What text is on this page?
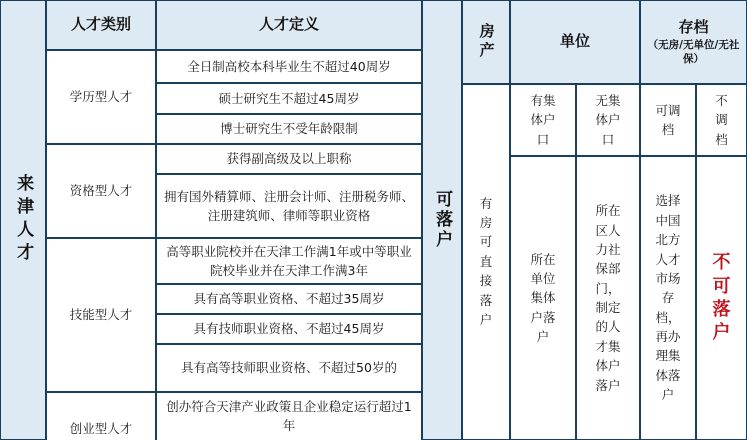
来津人才
人才类别	人才定义
学历型人才
资格型人才
技能型人才
创业型人才
全日制高校本科毕业生不超过40周岁
硕士研究生不超过45周岁
博士研究生不受年龄限制
获得副高级及以上职称
拥有国外精算师、注册会计师、注册税务师、注册建筑师、律师等职业资格
高等职业院校并在天津工作满1年或中等职业院校毕业并在天津工作满3年
具有高等职业资格、不超过35周岁
具有技师职业资格、不超过45周岁
具有高等技师职业资格、不超过50岁的
创办符合天津产业政策且企业稳定运行超过1年
可落户
房产	单位
存档
（无房/无单位/无社保）
有集体户口
无集体户口
可调档
不调档
有房可直接落户
所在单位集体户落户
所在区人力社保部门，制定的人才集体户落户
选择中国北方人才市场存档，再办理集体落户
不可落户
